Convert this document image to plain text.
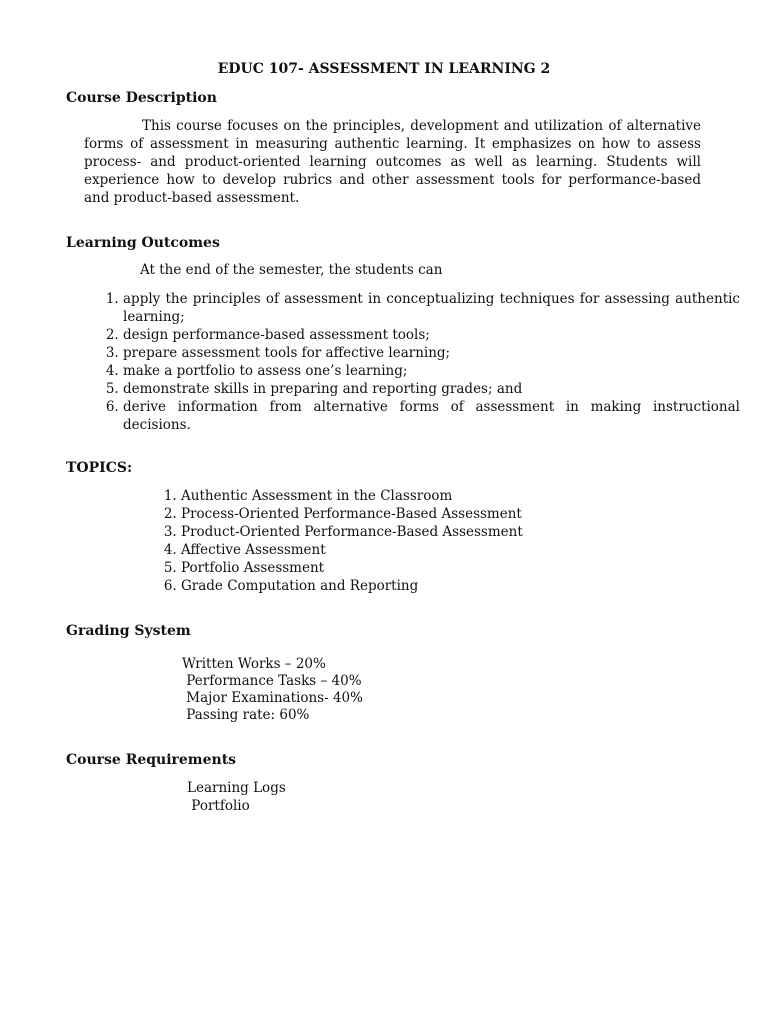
EDUC 107- ASSESSMENT IN LEARNING 2
Course Description
This course focuses on the principles, development and utilization of alternative forms of assessment in measuring authentic learning. It emphasizes on how to assess process- and product-oriented learning outcomes as well as learning. Students will experience how to develop rubrics and other assessment tools for performance-based and product-based assessment.
Learning Outcomes
At the end of the semester, the students can
1. apply the principles of assessment in conceptualizing techniques for assessing authentic learning;
2. design performance-based assessment tools;
3. prepare assessment tools for affective learning;
4. make a portfolio to assess one’s learning;
5. demonstrate skills in preparing and reporting grades; and
6. derive information from alternative forms of assessment in making instructional decisions.
TOPICS:
1. Authentic Assessment in the Classroom
2. Process-Oriented Performance-Based Assessment
3. Product-Oriented Performance-Based Assessment
4. Affective Assessment
5. Portfolio Assessment
6. Grade Computation and Reporting
Grading System
Written Works – 20%
Performance Tasks – 40%
Major Examinations- 40%
Passing rate: 60%
Course Requirements
Learning Logs
Portfolio
